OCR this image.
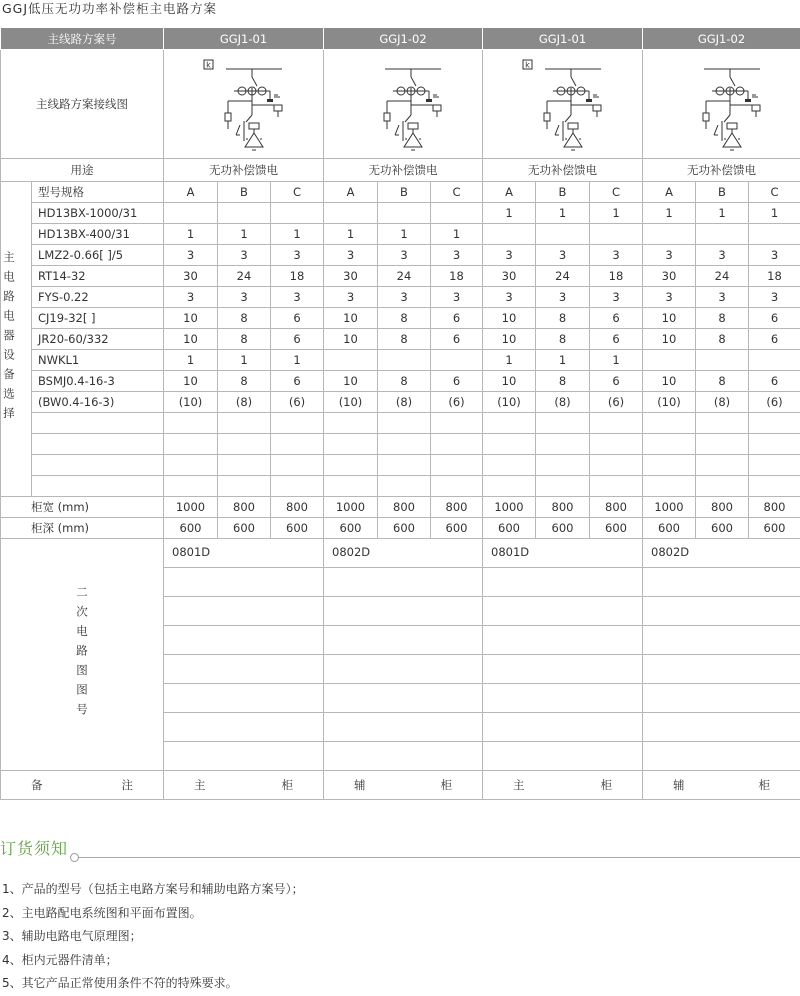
GGJ低压无功功率补偿柜主电路方案
主线路方案号		GGJ1-01			GGJ1-02			GGJ1-01			GGJ1-02		
主线路方案接线图		k						k

用途		无功补偿馈电			无功补偿馈电			无功补偿馈电			无功补偿馈电		

主电路电器设备选择	型号规格	A	B	C	A	B	C	A	B	C	A	B	C
	HD13BX-1000/31							1	1	1	1	1	1
	HD13BX-400/31	1	1	1	1	1	1						
	LMZ2-0.66[ ]/5	3	3	3	3	3	3	3	3	3	3	3	3
	RT14-32	30	24	18	30	24	18	30	24	18	30	24	18
	FYS-0.22	3	3	3	3	3	3	3	3	3	3	3	3
	CJ19-32[ ]	10	8	6	10	8	6	10	8	6	10	8	6
	JR20-60/332	10	8	6	10	8	6	10	8	6	10	8	6
	NWKL1	1	1	1				1	1	1			
	BSMJ0.4-16-3	10	8	6	10	8	6	10	8	6	10	8	6
	(BW0.4-16-3)	(10)	(8)	(6)	(10)	(8)	(6)	(10)	(8)	(6)	(10)	(8)	(6)

柜宽 (mm)		1000	800	800	1000	800	800	1000	800	800	1000	800	800
柜深 (mm)		600	600	600	600	600	600	600	600	600	600	600	600

二次电路图图号		0801D			0802D			0801D			0802D		

备 注		主 柜			辅 柜			主 柜			辅 柜		
订货须知
1、产品的型号（包括主电路方案号和辅助电路方案号）；
2、主电路配电系统图和平面布置图。
3、辅助电路电气原理图；
4、柜内元器件清单；
5、其它产品正常使用条件不符的特殊要求。
